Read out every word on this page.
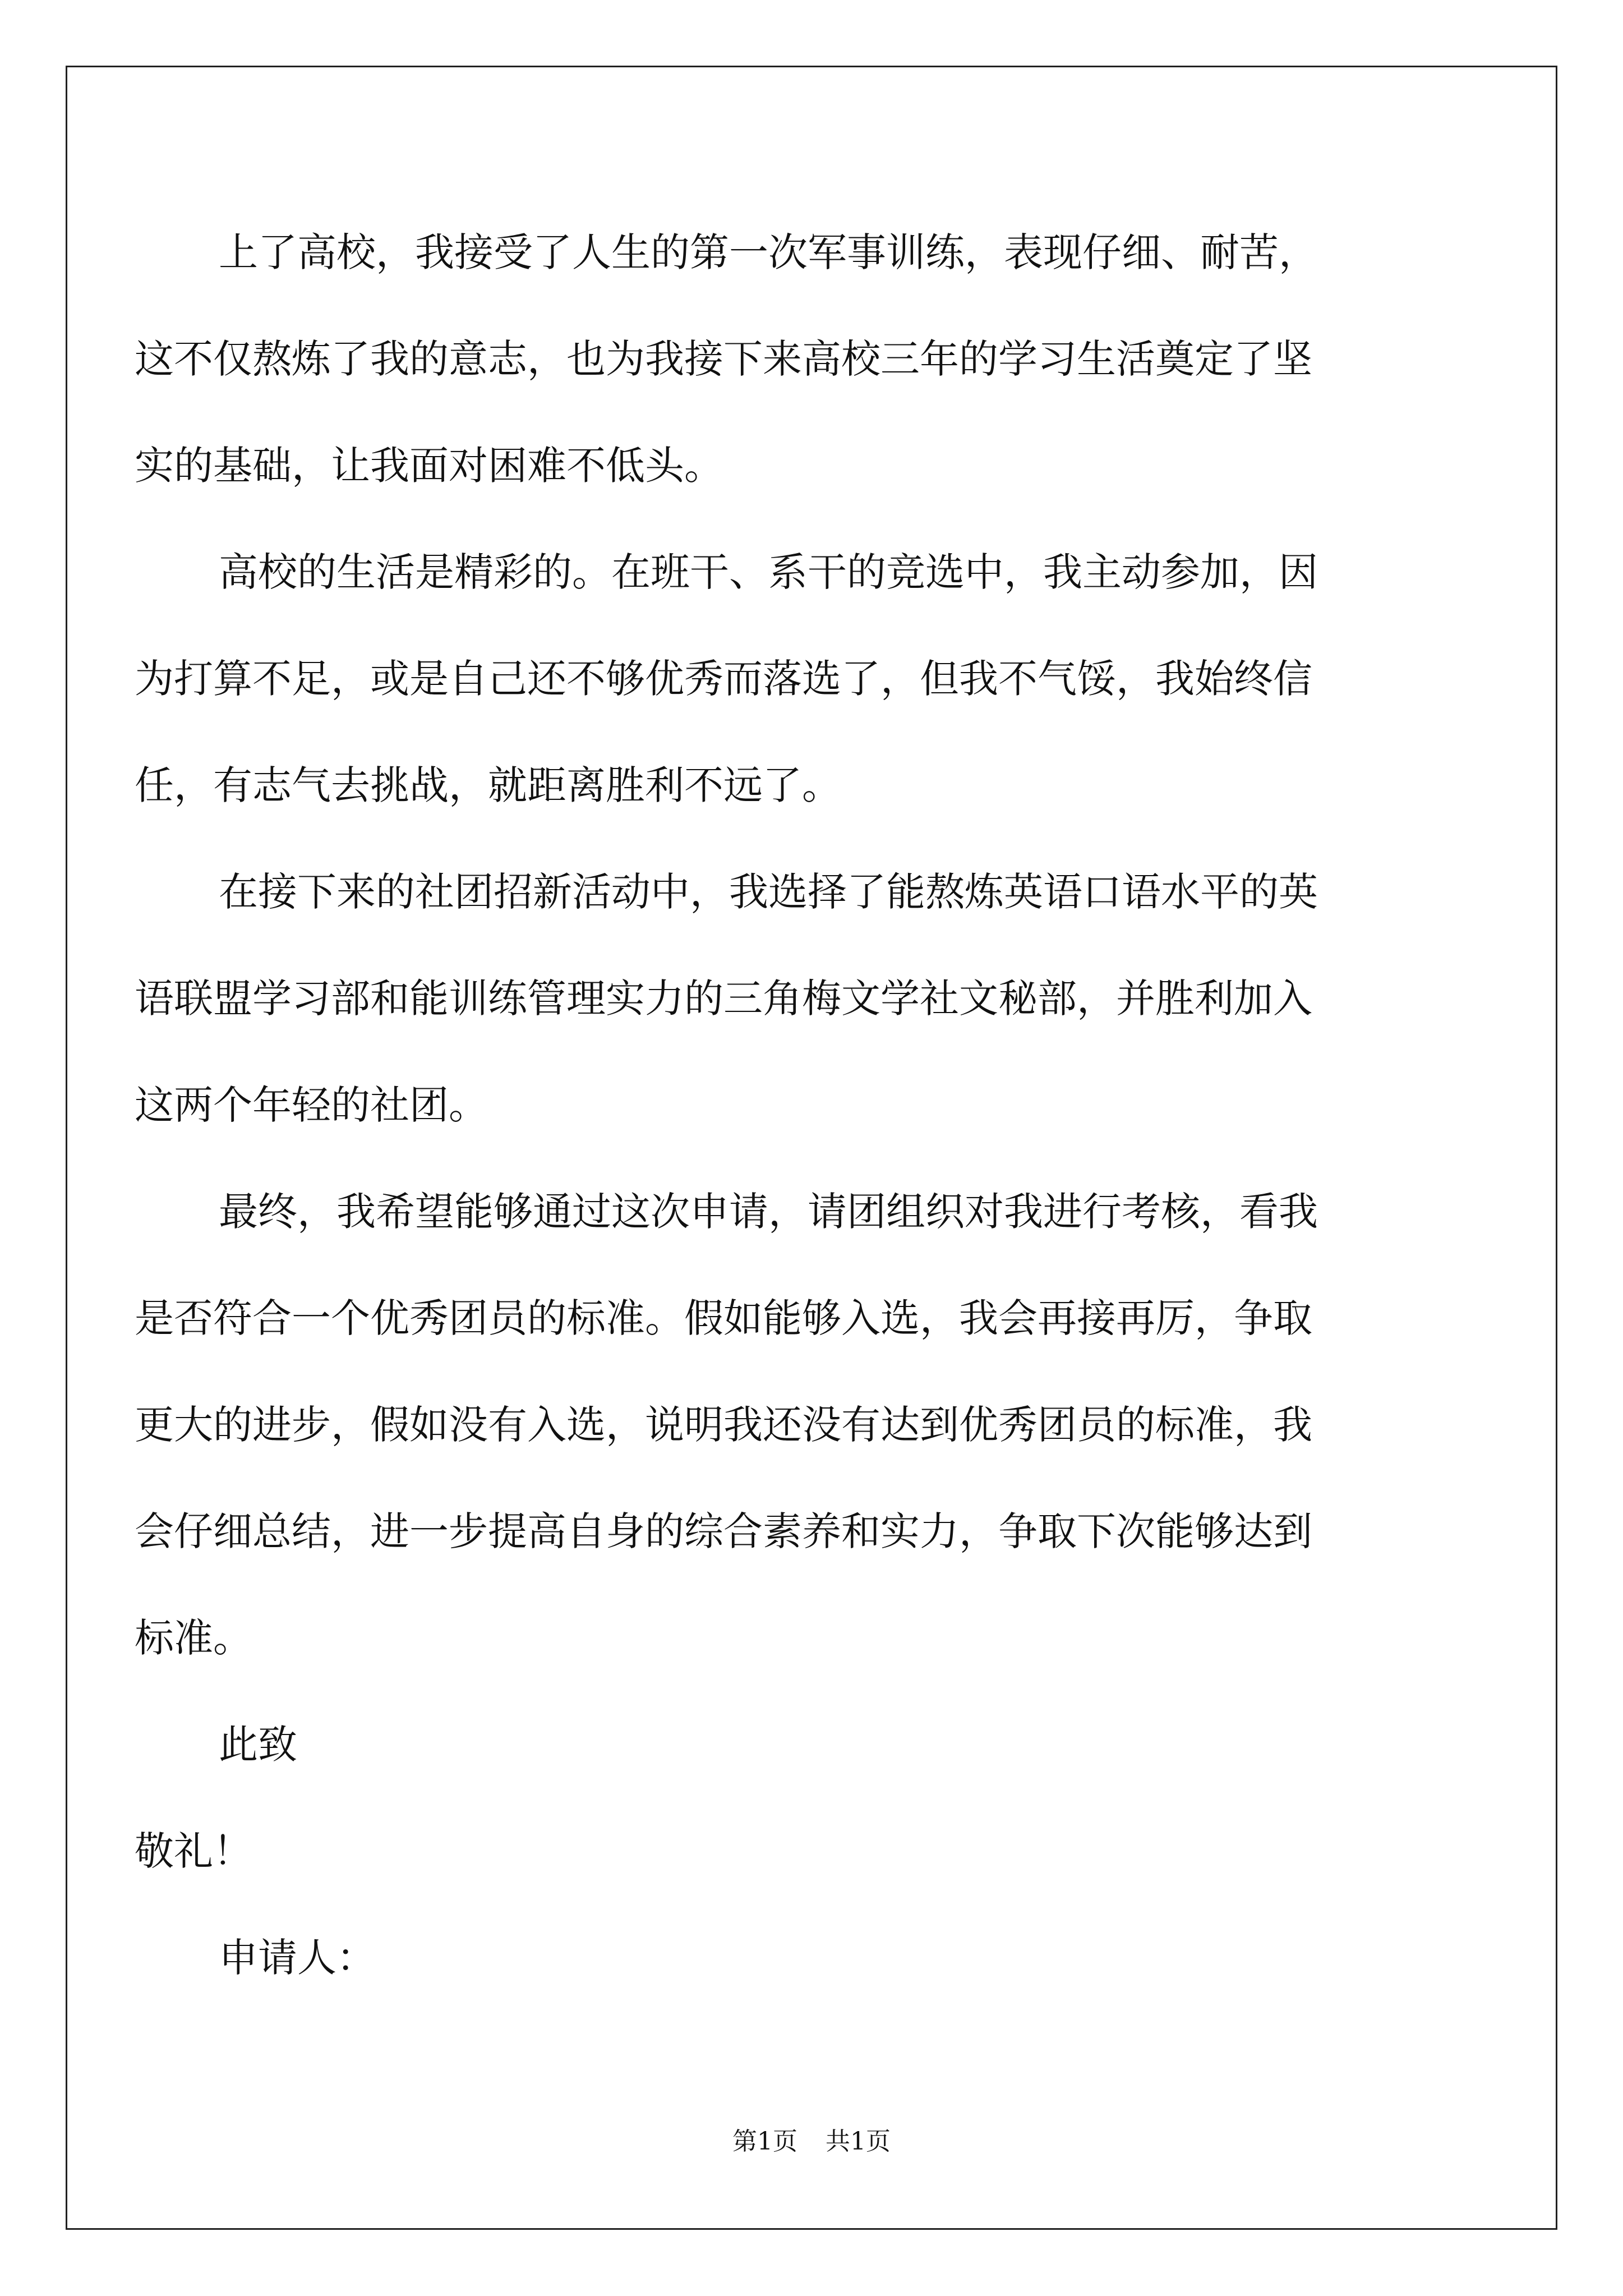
上了高校，我接受了人生的第一次军事训练，表现仔细、耐苦，
这不仅熬炼了我的意志，也为我接下来高校三年的学习生活奠定了坚
实的基础，让我面对困难不低头。
高校的生活是精彩的。在班干、系干的竞选中，我主动参加，因
为打算不足，或是自己还不够优秀而落选了，但我不气馁，我始终信
任，有志气去挑战，就距离胜利不远了。
在接下来的社团招新活动中，我选择了能熬炼英语口语水平的英
语联盟学习部和能训练管理实力的三角梅文学社文秘部，并胜利加入
这两个年轻的社团。
最终，我希望能够通过这次申请，请团组织对我进行考核，看我
是否符合一个优秀团员的标准。假如能够入选，我会再接再厉，争取
更大的进步，假如没有入选，说明我还没有达到优秀团员的标准，我
会仔细总结，进一步提高自身的综合素养和实力，争取下次能够达到
标准。
此致
敬礼！
申请人：
第1页 共1页
